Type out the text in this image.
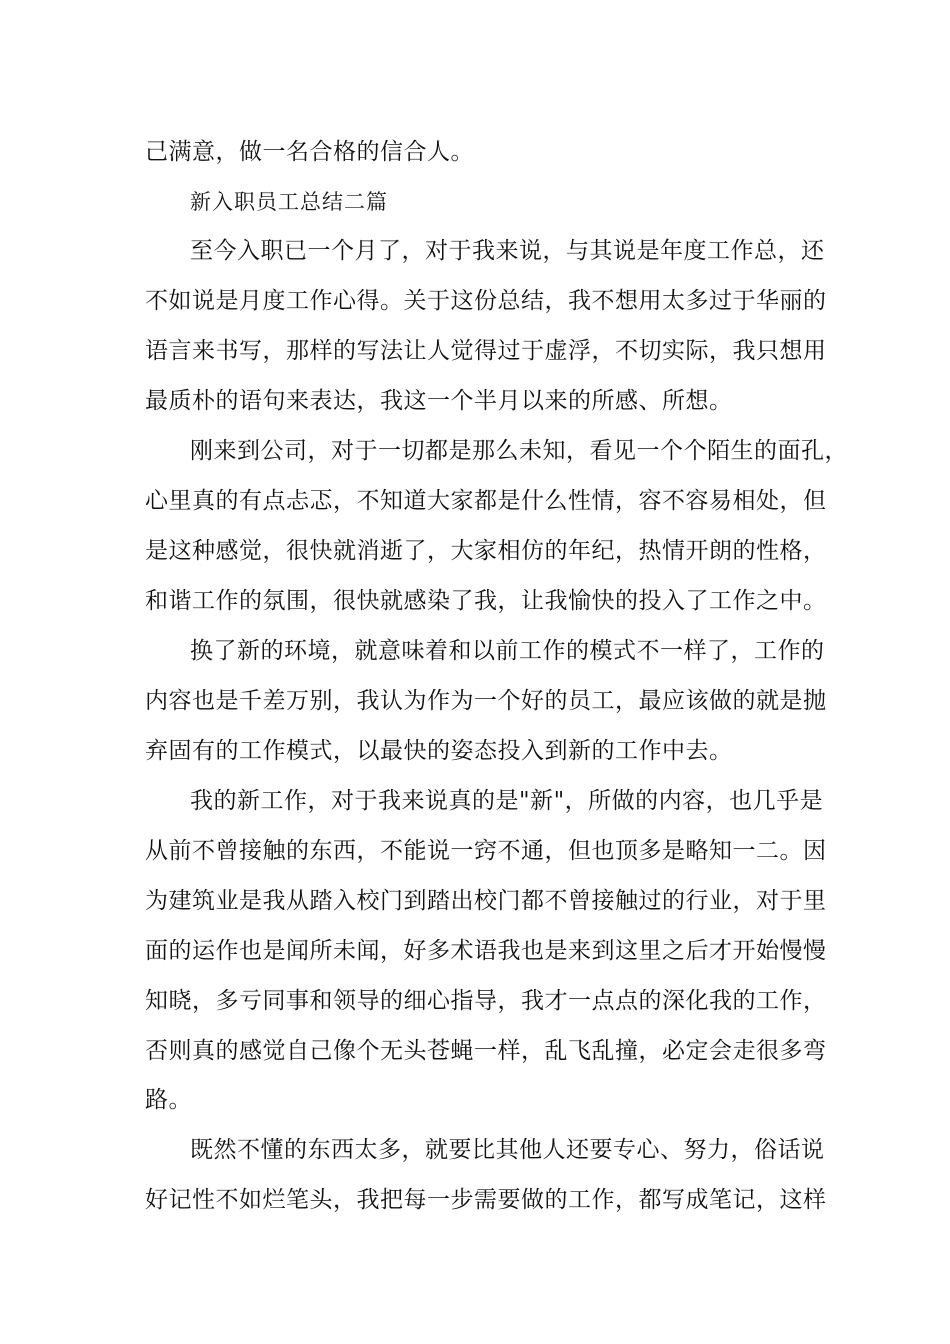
己满意，做一名合格的信合人。
新入职员工总结二篇
至今入职已一个月了，对于我来说，与其说是年度工作总，还
不如说是月度工作心得。关于这份总结，我不想用太多过于华丽的
语言来书写，那样的写法让人觉得过于虚浮，不切实际，我只想用
最质朴的语句来表达，我这一个半月以来的所感、所想。
刚来到公司，对于一切都是那么未知，看见一个个陌生的面孔，
心里真的有点忐忑，不知道大家都是什么性情，容不容易相处，但
是这种感觉，很快就消逝了，大家相仿的年纪，热情开朗的性格，
和谐工作的氛围，很快就感染了我，让我愉快的投入了工作之中。
换了新的环境，就意味着和以前工作的模式不一样了，工作的
内容也是千差万别，我认为作为一个好的员工，最应该做的就是抛
弃固有的工作模式，以最快的姿态投入到新的工作中去。
我的新工作，对于我来说真的是"新"，所做的内容，也几乎是
从前不曾接触的东西，不能说一窍不通，但也顶多是略知一二。因
为建筑业是我从踏入校门到踏出校门都不曾接触过的行业，对于里
面的运作也是闻所未闻，好多术语我也是来到这里之后才开始慢慢
知晓，多亏同事和领导的细心指导，我才一点点的深化我的工作，
否则真的感觉自己像个无头苍蝇一样，乱飞乱撞，必定会走很多弯
路。
既然不懂的东西太多，就要比其他人还要专心、努力，俗话说
好记性不如烂笔头，我把每一步需要做的工作，都写成笔记，这样
